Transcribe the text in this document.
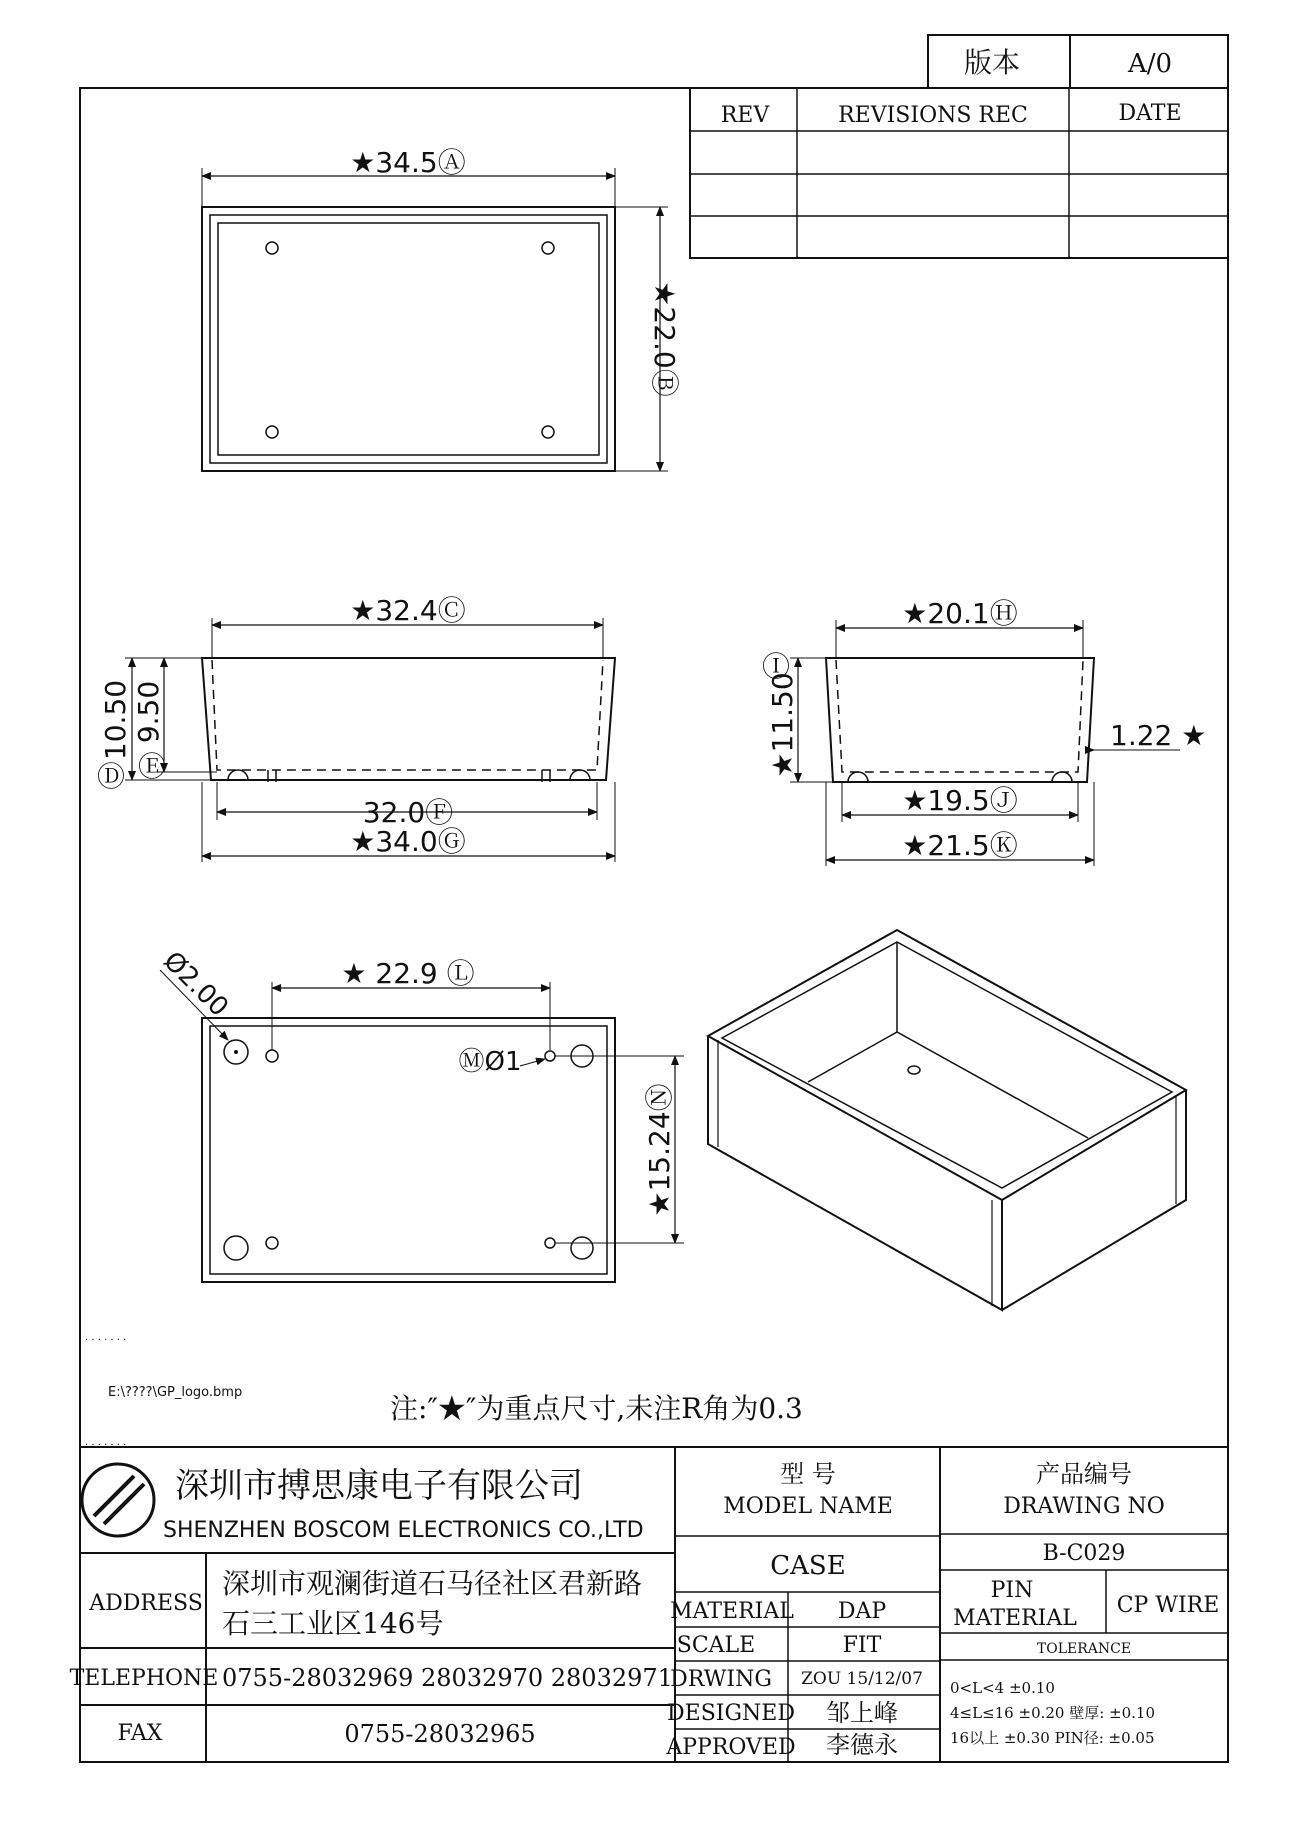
版本	A/0
REV	REVISIONS REC	DATE
★34.5Ⓐ
★22.0Ⓑ
★32.4Ⓒ
32.0Ⓕ
★34.0Ⓖ
10.50 9.50
Ⓓ Ⓔ
★20.1Ⓗ
★11.50
Ⓘ
1.22 ★
★19.5Ⓙ
★21.5Ⓚ
★ 22.9 Ⓛ
Ø2.00
ⓂØ1
★15.24Ⓝ
. . . . . . .
. . . . . . .
E:\????\GP_logo.bmp	注:″★″为重点尺寸,未注R角为0.3
深圳市搏思康电子有限公司
SHENZHEN BOSCOM ELECTRONICS CO.,LTD
ADDRESS
深圳市观澜街道石马径社区君新路
石三工业区146号
TELEPHONE 0755-28032969 28032970 28032971
FAX	0755-28032965
型 号
MODEL NAME
CASE
MATERIAL DAP
SCALE	FIT
DRWING ZOU 15/12/07
DESIGNED 邹上峰
APPROVED 李德永
产品编号
DRAWING NO
B-C029
PIN
MATERIAL
CP WIRE
TOLERANCE
0<L<4 ±0.10
4≤L≤16 ±0.20 壁厚: ±0.10
16以上 ±0.30 PIN径: ±0.05
